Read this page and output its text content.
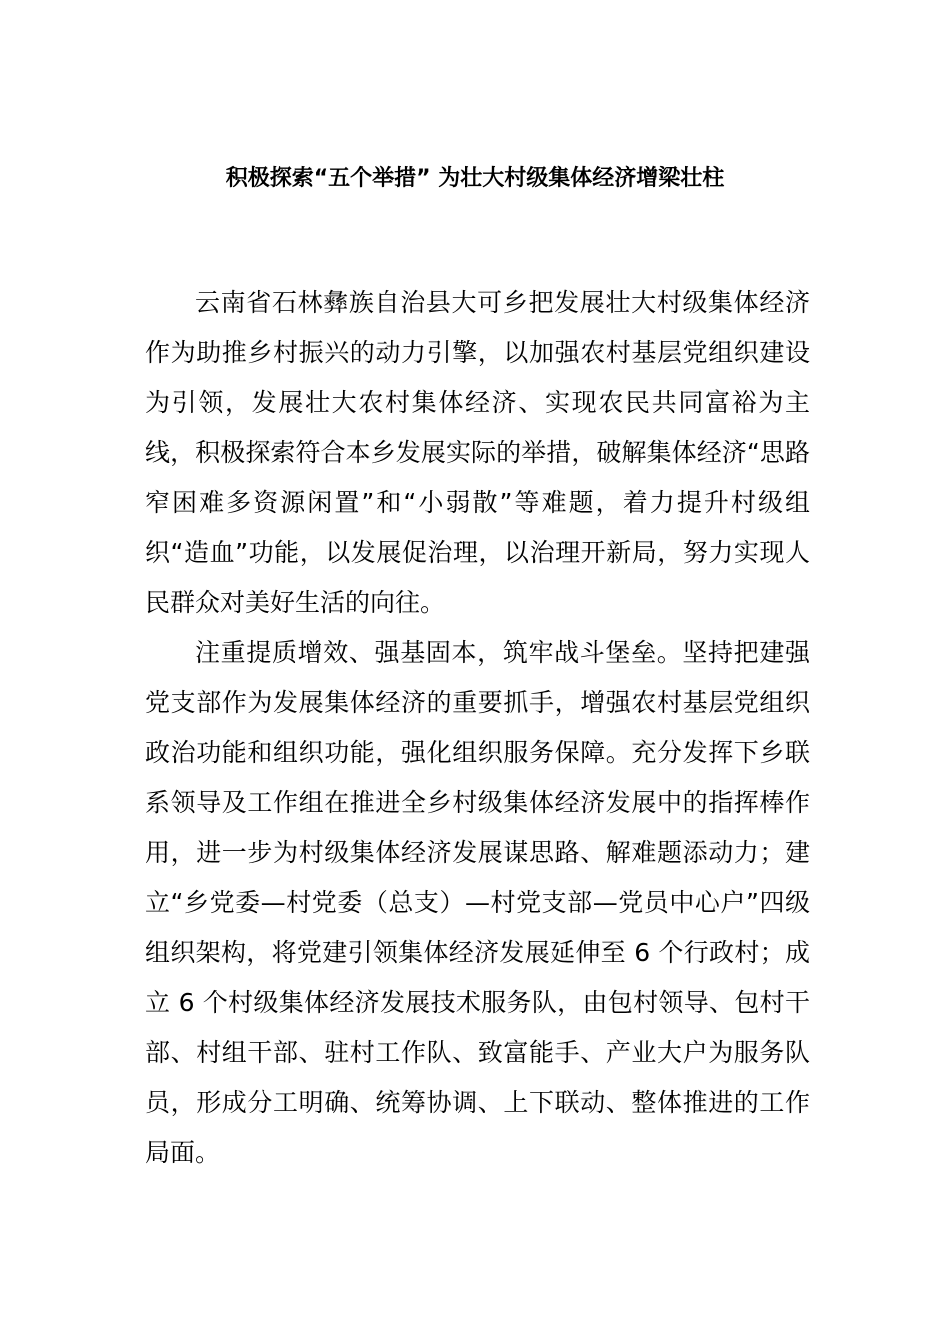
积极探索“五个举措” 为壮大村级集体经济增梁壮柱

云南省石林彝族自治县大可乡把发展壮大村级集体经济作为助推乡村振兴的动力引擎，以加强农村基层党组织建设为引领，发展壮大农村集体经济、实现农民共同富裕为主线，积极探索符合本乡发展实际的举措，破解集体经济“思路窄困难多资源闲置”和“小弱散”等难题，着力提升村级组织“造血”功能，以发展促治理，以治理开新局，努力实现人民群众对美好生活的向往。

注重提质增效、强基固本，筑牢战斗堡垒。坚持把建强党支部作为发展集体经济的重要抓手，增强农村基层党组织政治功能和组织功能，强化组织服务保障。充分发挥下乡联系领导及工作组在推进全乡村级集体经济发展中的指挥棒作用，进一步为村级集体经济发展谋思路、解难题添动力；建立“乡党委—村党委（总支）—村党支部—党员中心户”四级组织架构，将党建引领集体经济发展延伸至 6 个行政村；成立 6 个村级集体经济发展技术服务队，由包村领导、包村干部、村组干部、驻村工作队、致富能手、产业大户为服务队员，形成分工明确、统筹协调、上下联动、整体推进的工作局面。
